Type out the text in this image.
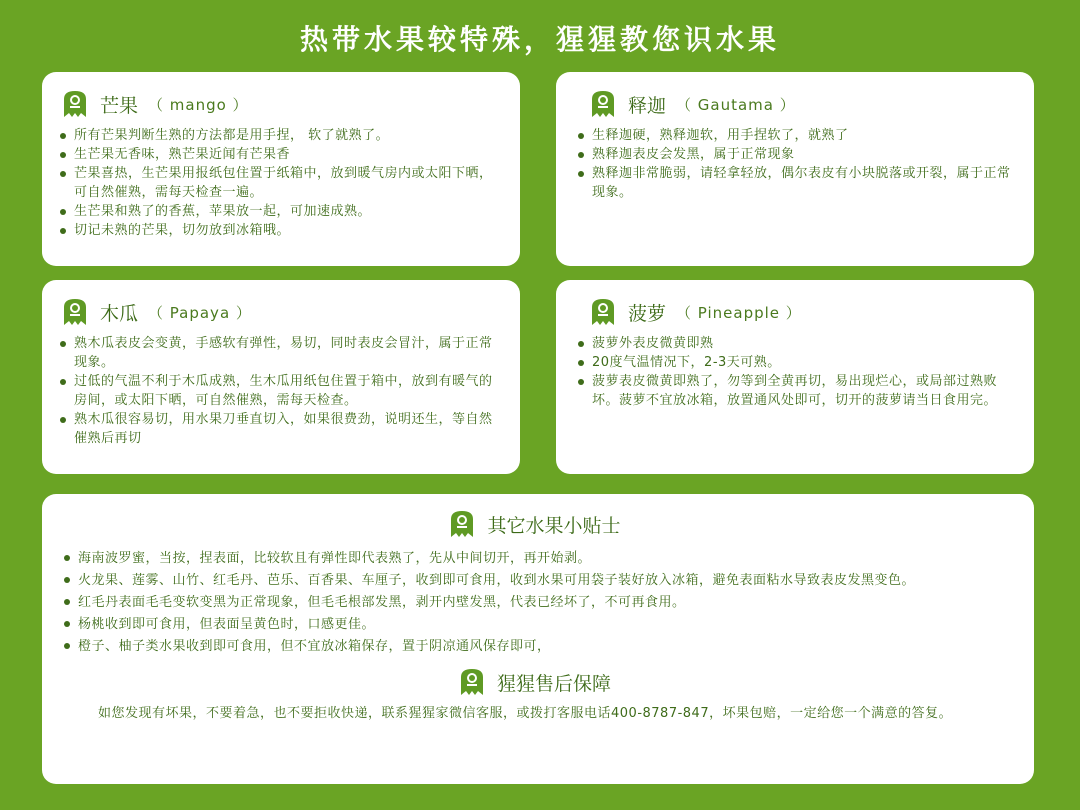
热带水果较特殊，猩猩教您识水果
芒果 （ mango ）
所有芒果判断生熟的方法都是用手捏， 软了就熟了。
生芒果无香味，熟芒果近闻有芒果香
芒果喜热，生芒果用报纸包住置于纸箱中，放到暖气房内或太阳下晒，可自然催熟，需每天检查一遍。
生芒果和熟了的香蕉，苹果放一起，可加速成熟。
切记未熟的芒果，切勿放到冰箱哦。
释迦 （ Gautama ）
生释迦硬，熟释迦软，用手捏软了，就熟了
熟释迦表皮会发黑，属于正常现象
熟释迦非常脆弱，请轻拿轻放，偶尔表皮有小块脱落或开裂，属于正常现象。
木瓜 （ Papaya ）
熟木瓜表皮会变黄，手感软有弹性，易切，同时表皮会冒汁，属于正常现象。
过低的气温不利于木瓜成熟，生木瓜用纸包住置于箱中，放到有暖气的房间，或太阳下晒，可自然催熟，需每天检查。
熟木瓜很容易切，用水果刀垂直切入，如果很费劲，说明还生，等自然催熟后再切
菠萝 （ Pineapple ）
菠萝外表皮微黄即熟
20度气温情况下，2-3天可熟。
菠萝表皮微黄即熟了，勿等到全黄再切，易出现烂心，或局部过熟败坏。菠萝不宜放冰箱，放置通风处即可，切开的菠萝请当日食用完。
其它水果小贴士
海南波罗蜜，当按，捏表面，比较软且有弹性即代表熟了，先从中间切开，再开始剥。
火龙果、莲雾、山竹、红毛丹、芭乐、百香果、车厘子，收到即可食用，收到水果可用袋子装好放入冰箱，避免表面粘水导致表皮发黑变色。
红毛丹表面毛毛变软变黑为正常现象，但毛毛根部发黑，剥开内壁发黑，代表已经坏了，不可再食用。
杨桃收到即可食用，但表面呈黄色时，口感更佳。
橙子、柚子类水果收到即可食用，但不宜放冰箱保存，置于阴凉通风保存即可，
猩猩售后保障
如您发现有坏果，不要着急，也不要拒收快递，联系猩猩家微信客服，或拨打客服电话400-8787-847，坏果包赔，一定给您一个满意的答复。
